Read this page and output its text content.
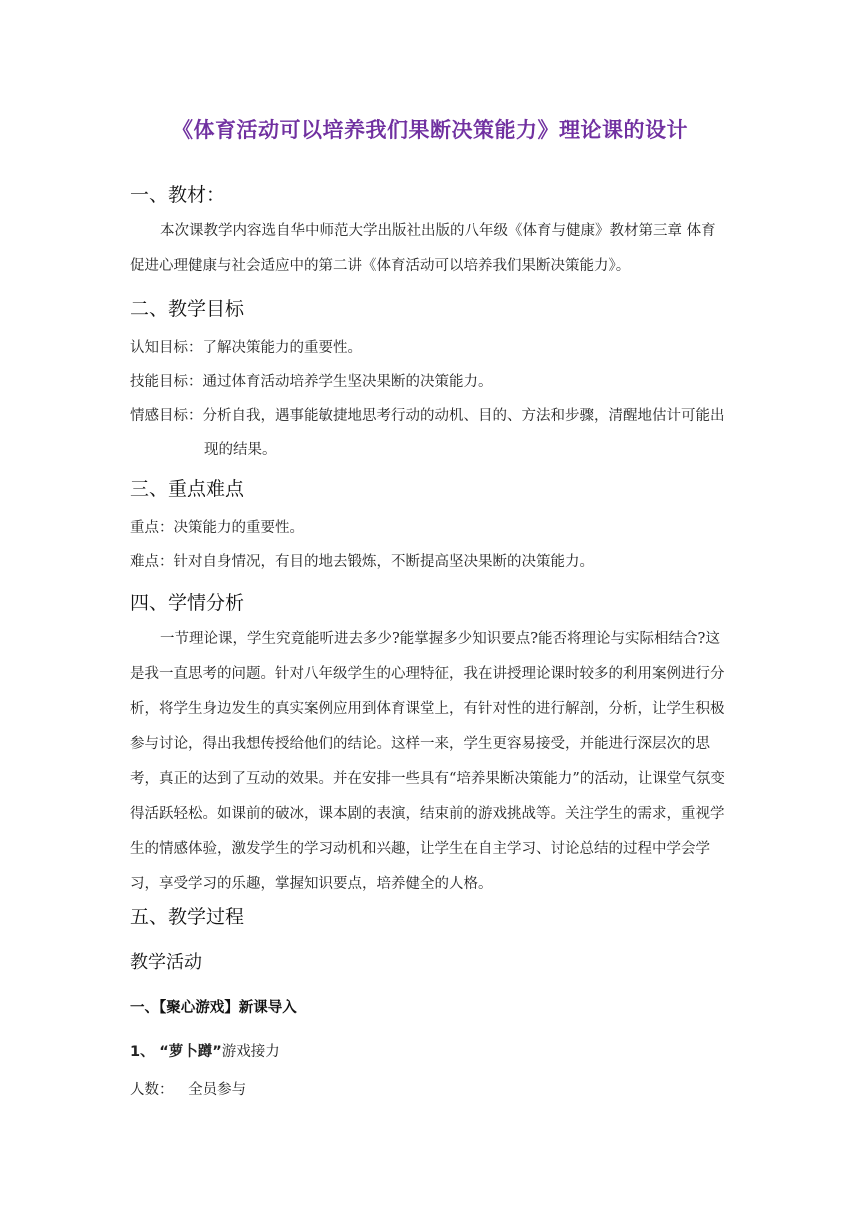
《体育活动可以培养我们果断决策能力》理论课的设计
一、教材：
本次课教学内容选自华中师范大学出版社出版的八年级《体育与健康》教材第三章 体育促进心理健康与社会适应中的第二讲《体育活动可以培养我们果断决策能力》。
二、教学目标
认知目标：了解决策能力的重要性。
技能目标：通过体育活动培养学生坚决果断的决策能力。
情感目标：分析自我，遇事能敏捷地思考行动的动机、目的、方法和步骤，清醒地估计可能出
现的结果。
三、重点难点
重点：决策能力的重要性。
难点：针对自身情况，有目的地去锻炼，不断提高坚决果断的决策能力。
四、学情分析
一节理论课，学生究竟能听进去多少?能掌握多少知识要点?能否将理论与实际相结合?这是我一直思考的问题。针对八年级学生的心理特征，我在讲授理论课时较多的利用案例进行分析，将学生身边发生的真实案例应用到体育课堂上，有针对性的进行解剖，分析，让学生积极参与讨论，得出我想传授给他们的结论。这样一来，学生更容易接受，并能进行深层次的思考，真正的达到了互动的效果。并在安排一些具有“培养果断决策能力”的活动，让课堂气氛变得活跃轻松。如课前的破冰，课本剧的表演，结束前的游戏挑战等。关注学生的需求，重视学生的情感体验，激发学生的学习动机和兴趣，让学生在自主学习、讨论总结的过程中学会学习，享受学习的乐趣，掌握知识要点，培养健全的人格。
五、教学过程
教学活动
一、【聚心游戏】新课导入
1、 “萝卜蹲”游戏接力
人数： 全员参与
